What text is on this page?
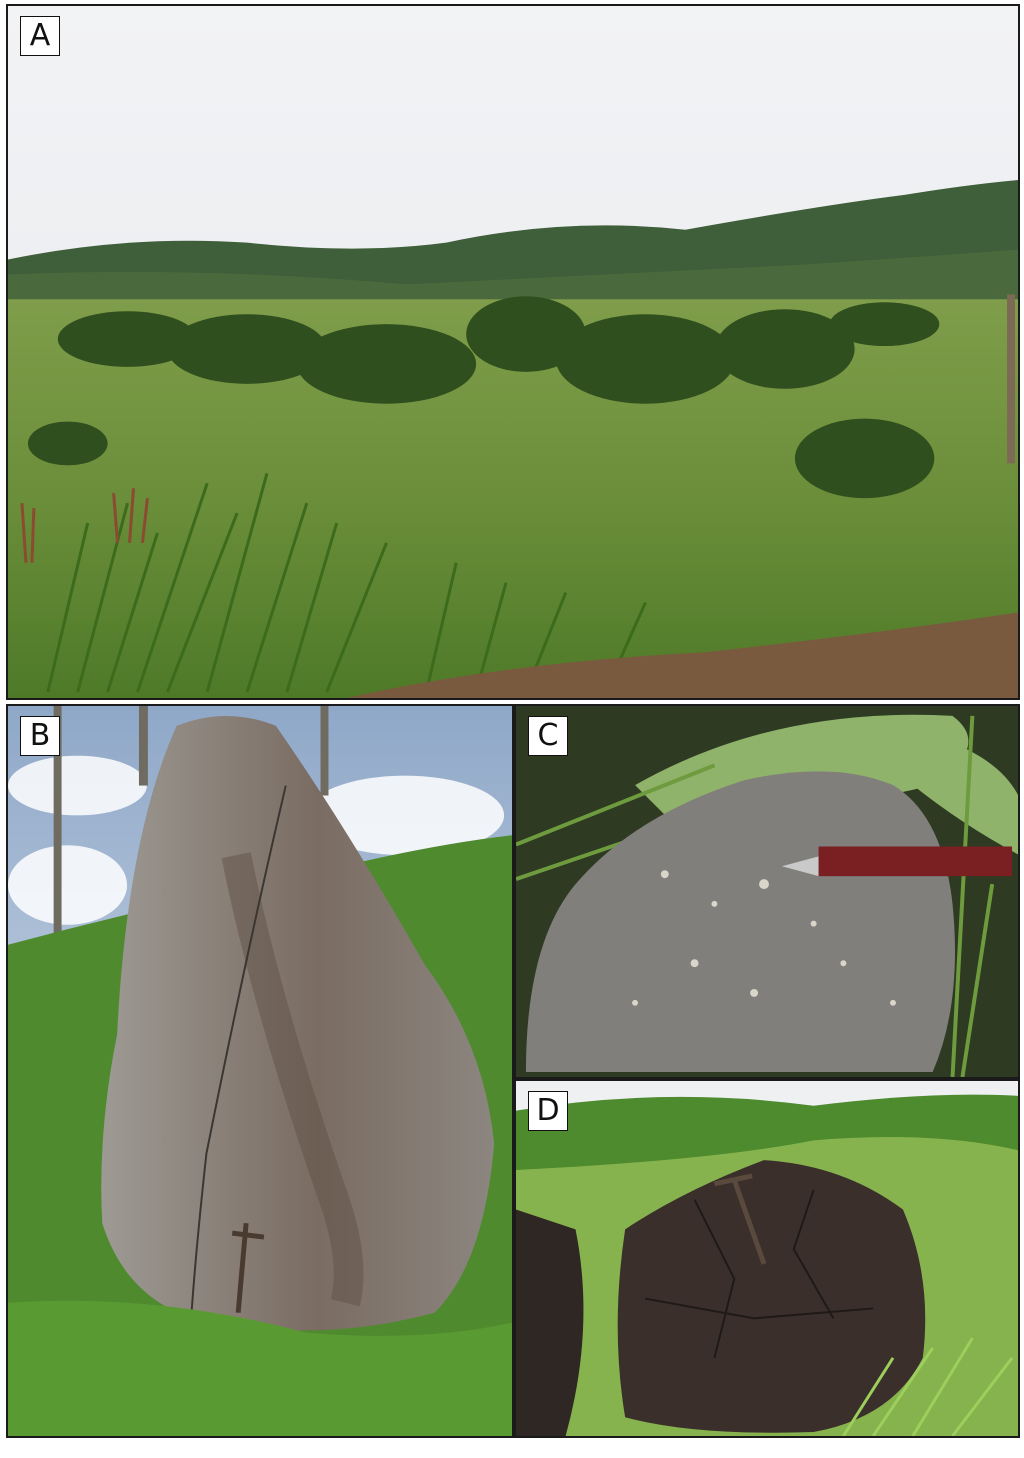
A
B	C
D
